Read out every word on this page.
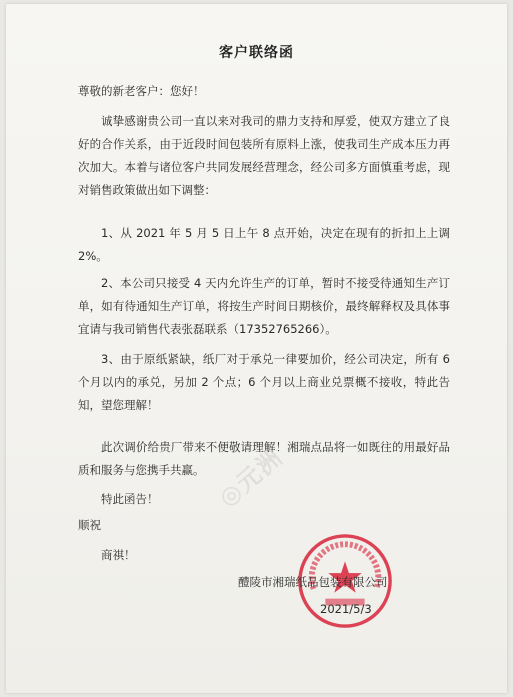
客户联络函
尊敬的新老客户：您好！
诚挚感谢贵公司一直以来对我司的鼎力支持和厚爱，使双方建立了良好的合作关系，由于近段时间包装所有原料上涨，使我司生产成本压力再次加大。本着与诸位客户共同发展经营理念，经公司多方面慎重考虑，现对销售政策做出如下调整：
1、从 2021 年 5 月 5 日上午 8 点开始，决定在现有的折扣上上调 2%。
2、本公司只接受 4 天内允许生产的订单，暂时不接受待通知生产订单，如有待通知生产订单，将按生产时间日期核价，最终解释权及具体事宜请与我司销售代表张磊联系（17352765266）。
3、由于原纸紧缺，纸厂对于承兑一律要加价，经公司决定，所有 6 个月以内的承兑，另加 2 个点；6 个月以上商业兑票概不接收，特此告知，望您理解！
此次调价给贵厂带来不便敬请理解！湘瑞点品将一如既往的用最好品质和服务与您携手共赢。
特此函告！
顺祝
商祺！
◎元洲
醴陵市湘瑞纸品包装有限公司
2021/5/3
